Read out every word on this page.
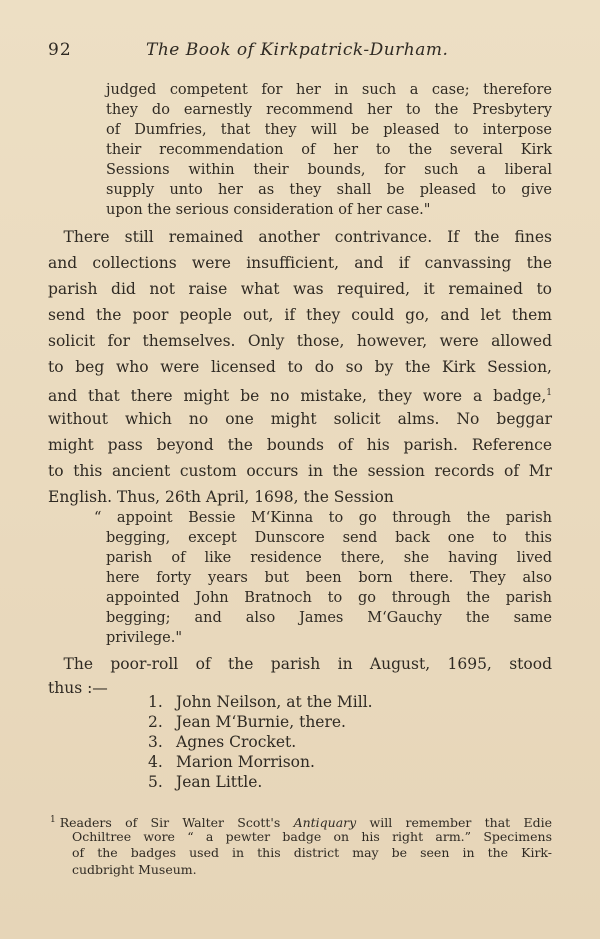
92	The Book of Kirkpatrick-Durham.
judged competent for her in such a case; therefore
they do earnestly recommend her to the Presbytery
of Dumfries, that they will be pleased to interpose
their recommendation of her to the several Kirk
Sessions within their bounds, for such a liberal
supply unto her as they shall be pleased to give
upon the serious consideration of her case."
 There still remained another contrivance. If the fines
and collections were insufficient, and if canvassing the
parish did not raise what was required, it remained to
send the poor people out, if they could go, and let them
solicit for themselves. Only those, however, were allowed
to beg who were licensed to do so by the Kirk Session,
and that there might be no mistake, they wore a badge,$^1$
without which no one might solicit alms. No beggar
might pass beyond the bounds of his parish. Reference
to this ancient custom occurs in the session records of Mr
English. Thus, 26th April, 1698, the Session
“ appoint Bessie M‘Kinna to go through the parish
begging, except Dunscore send back one to this
parish of like residence there, she having lived
here forty years but been born there. They also
appointed John Bratnoch to go through the parish
begging; and also James M‘Gauchy the same
privilege."
 The poor-roll of the parish in August, 1695, stood
thus :—
1. John Neilson, at the Mill.
2. Jean M‘Burnie, there.
3. Agnes Crocket.
4. Marion Morrison.
5. Jean Little.
$^1$ Readers of Sir Walter Scott's Antiquary will remember that Edie
Ochiltree wore “ a pewter badge on his right arm.” Specimens
of the badges used in this district may be seen in the Kirk-
cudbright Museum.
